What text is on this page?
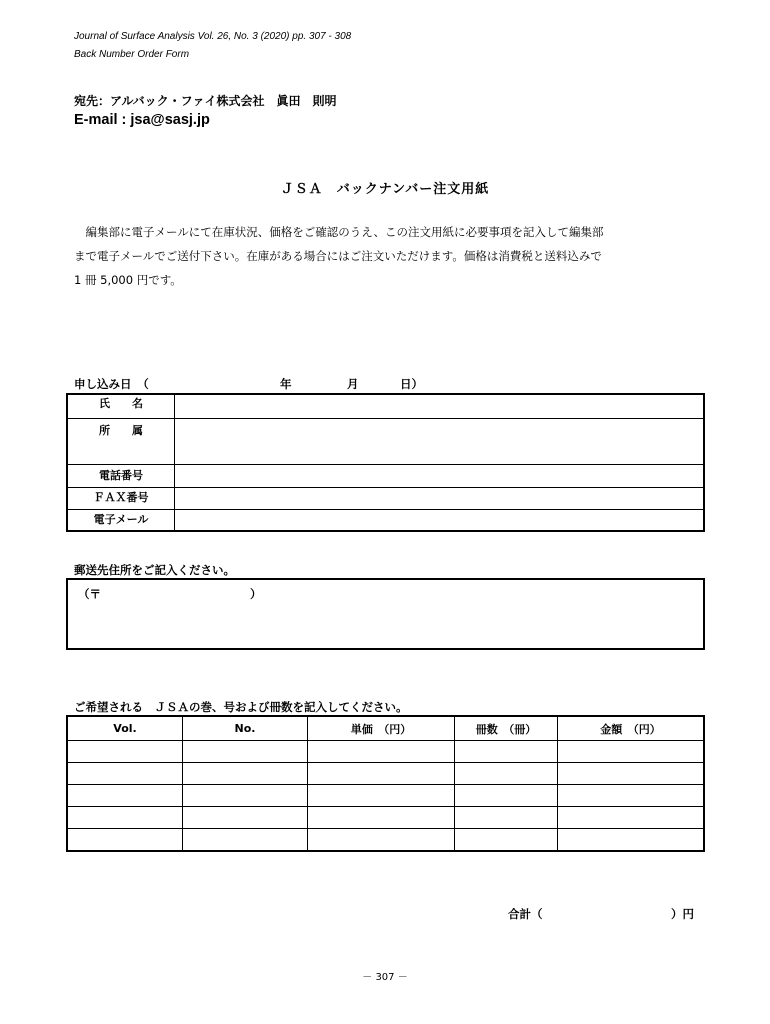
Journal of Surface Analysis Vol. 26, No. 3 (2020) pp. 307 - 308
Back Number Order Form
宛先：アルバック・ファイ株式会社　眞田　則明
E-mail : jsa@sasj.jp
ＪＳＡ　バックナンバー注文用紙
　編集部に電子メールにて在庫状況、価格をご確認のうえ、この注文用紙に必要事項を記入して編集部
まで電子メールでご送付下さい。在庫がある場合にはご注文いただけます。価格は消費税と送料込みで
1 冊 5,000 円です。
申し込み日　（	年	月	日）
氏　　名	
所　　属	
電話番号	
ＦＡＸ番号	
電子メール	
郵送先住所をご記入ください。
（〒	）
ご希望される　ＪＳＡの巻、号および冊数を記入してください。
Vol.	No.	単価　（円）	冊数　（冊）	金額　（円）

合計（	）円
－ 307 －
